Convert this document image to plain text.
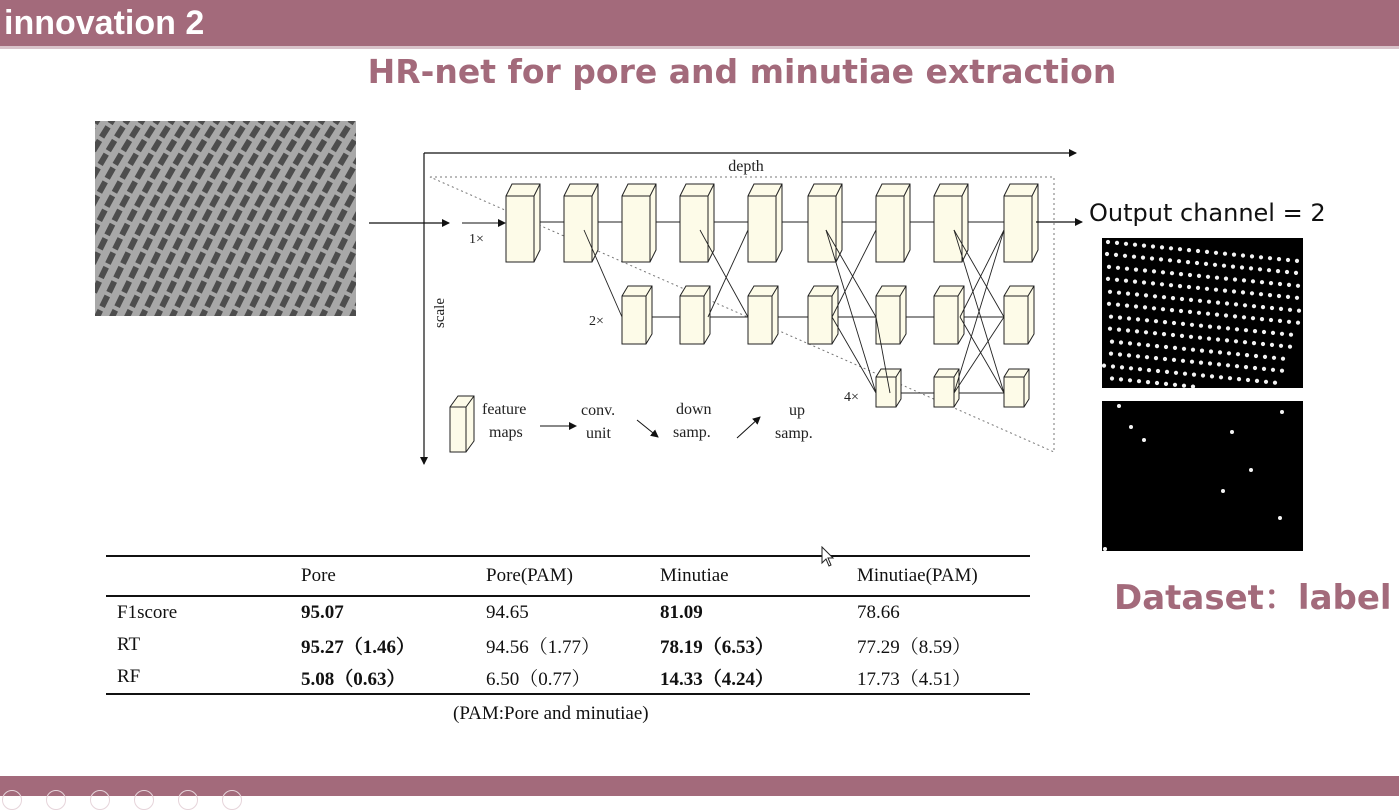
innovation 2
HR-net for pore and minutiae extraction
depth
scale
1×
2×
4×
feature
maps
conv.
unit
down
samp.
up
samp.
Output channel = 2
Dataset：label
	Pore	Pore(PAM)	Minutiae	Minutiae(PAM)
F1score	95.07	94.65	81.09	78.66
RT	95.27（1.46）	94.56（1.77）	78.19（6.53）	77.29（8.59）
RF	5.08（0.63）	6.50（0.77）	14.33（4.24）	17.73（4.51）
(PAM:Pore and minutiae)
